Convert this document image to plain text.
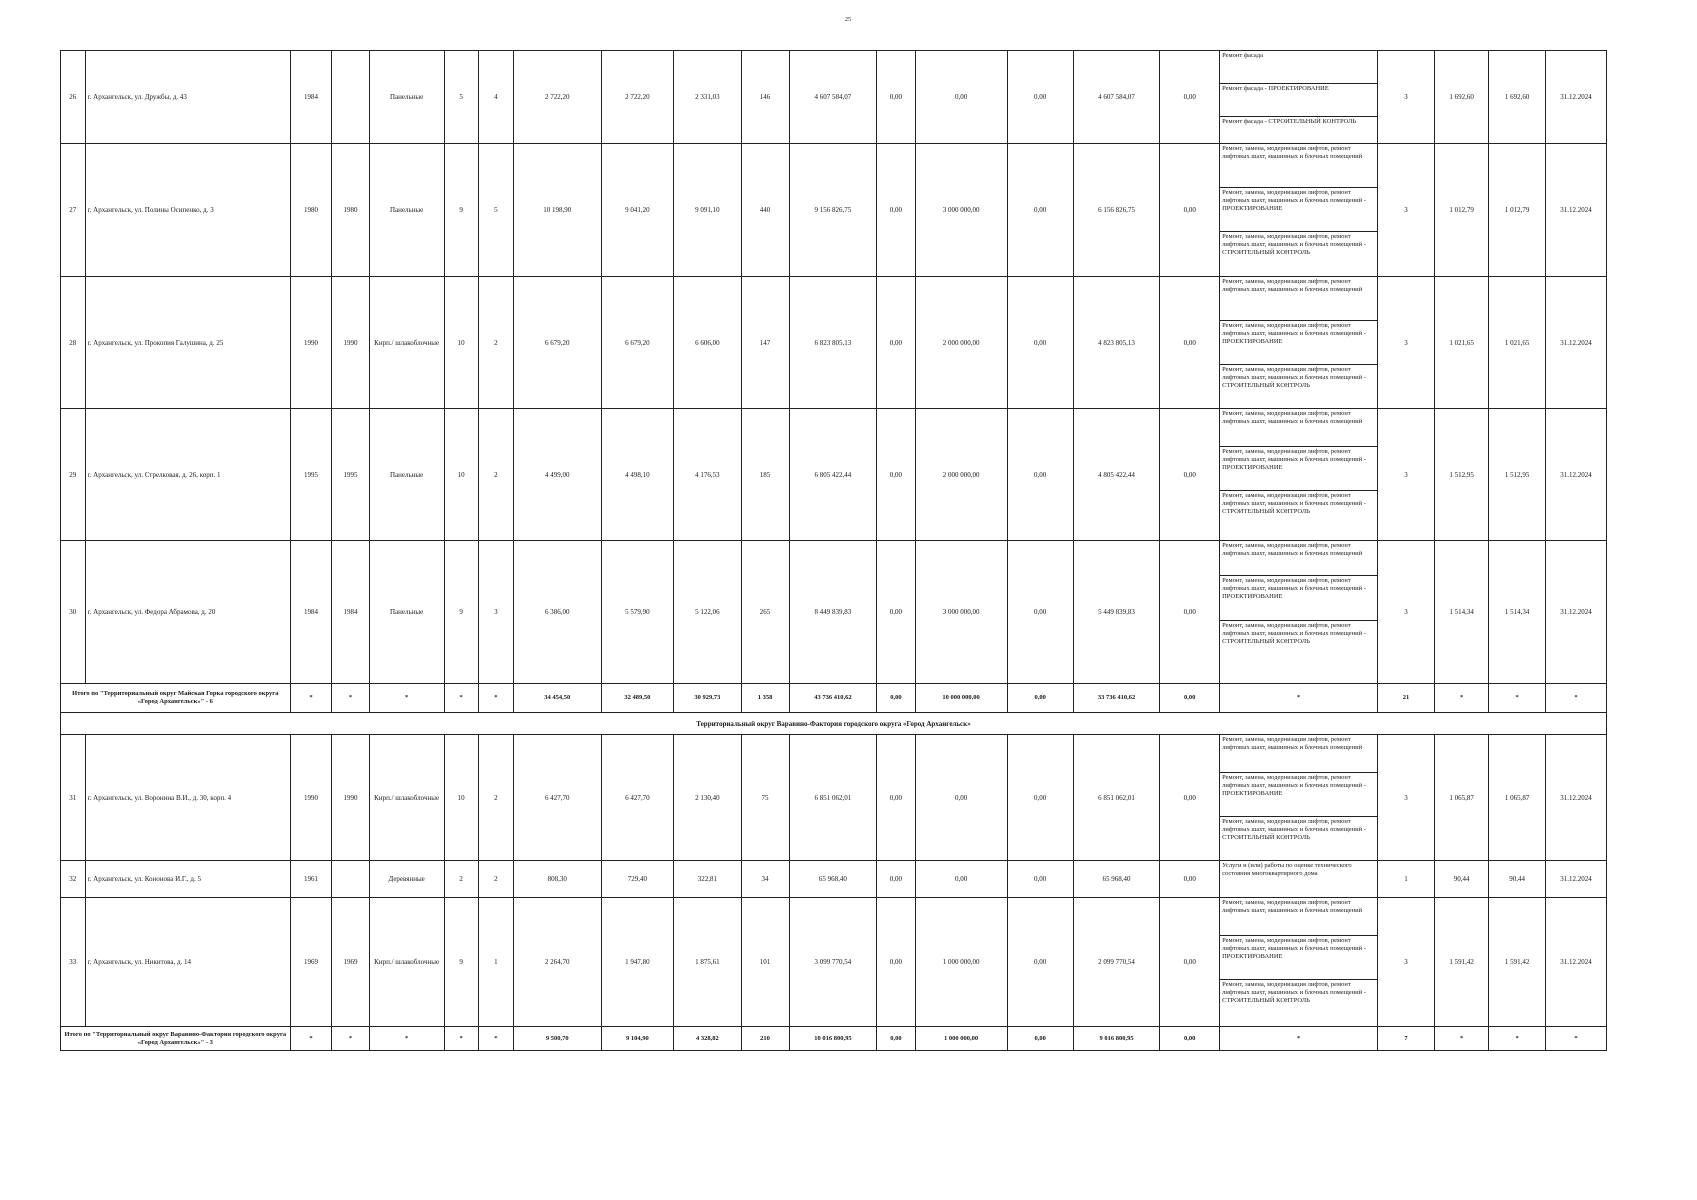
25
26	г. Архангельск, ул. Дружбы, д. 43	1984		Панельные	5	4	2 722,20	2 722,20	2 331,03	146	4 607 584,07	0,00	0,00	0,00	4 607 584,07	0,00	Ремонт фасада
Ремонт фасада - ПРОЕКТИРОВАНИЕ
Ремонт фасада - СТРОИТЕЛЬНЫЙ КОНТРОЛЬ	3	1 692,60	1 692,60	31.12.2024
27	г. Архангельск, ул. Полины Осипенко, д. 3	1980	1980	Панельные	9	5	10 198,90	9 041,20	9 091,10	440	9 156 826,75	0,00	3 000 000,00	0,00	6 156 826,75	0,00	Ремонт, замена, модернизация лифтов, ремонт лифтовых шахт, машинных и блочных помещений
Ремонт, замена, модернизация лифтов, ремонт лифтовых шахт, машинных и блочных помещений - ПРОЕКТИРОВАНИЕ
Ремонт, замена, модернизация лифтов, ремонт лифтовых шахт, машинных и блочных помещений - СТРОИТЕЛЬНЫЙ КОНТРОЛЬ	3	1 012,79	1 012,79	31.12.2024
28	г. Архангельск, ул. Прокопия Галушина, д. 25	1990	1990	Кирп./ шлакоблочные	10	2	6 679,20	6 679,20	6 606,00	147	6 823 805,13	0,00	2 000 000,00	0,00	4 823 805,13	0,00	Ремонт, замена, модернизация лифтов, ремонт лифтовых шахт, машинных и блочных помещений
Ремонт, замена, модернизация лифтов, ремонт лифтовых шахт, машинных и блочных помещений - ПРОЕКТИРОВАНИЕ
Ремонт, замена, модернизация лифтов, ремонт лифтовых шахт, машинных и блочных помещений - СТРОИТЕЛЬНЫЙ КОНТРОЛЬ	3	1 021,65	1 021,65	31.12.2024
29	г. Архангельск, ул. Стрелковая, д. 26, корп. 1	1995	1995	Панельные	10	2	4 499,00	4 498,10	4 176,53	185	6 805 422,44	0,00	2 000 000,00	0,00	4 805 422,44	0,00	Ремонт, замена, модернизация лифтов, ремонт лифтовых шахт, машинных и блочных помещений
Ремонт, замена, модернизация лифтов, ремонт лифтовых шахт, машинных и блочных помещений - ПРОЕКТИРОВАНИЕ
Ремонт, замена, модернизация лифтов, ремонт лифтовых шахт, машинных и блочных помещений - СТРОИТЕЛЬНЫЙ КОНТРОЛЬ	3	1 512,95	1 512,95	31.12.2024
30	г. Архангельск, ул. Федора Абрамова, д. 20	1984	1984	Панельные	9	3	6 386,00	5 579,90	5 122,06	265	8 449 839,83	0,00	3 000 000,00	0,00	5 449 839,83	0,00	Ремонт, замена, модернизация лифтов, ремонт лифтовых шахт, машинных и блочных помещений
Ремонт, замена, модернизация лифтов, ремонт лифтовых шахт, машинных и блочных помещений - ПРОЕКТИРОВАНИЕ
Ремонт, замена, модернизация лифтов, ремонт лифтовых шахт, машинных и блочных помещений - СТРОИТЕЛЬНЫЙ КОНТРОЛЬ	3	1 514,34	1 514,34	31.12.2024
Итого по "Территориальный округ Майская Горка городского округа «Город Архангельск»" - 6		*	*	*	*	*	34 454,50	32 489,50	30 929,73	1 358	43 736 410,62	0,00	10 000 000,00	0,00	33 736 410,62	0,00	*	21	*	*	*
Территориальный округ Варавино-Фактория городского округа «Город Архангельск»																					
31	г. Архангельск, ул. Воронина В.И., д. 30, корп. 4	1990	1990	Кирп./ шлакоблочные	10	2	6 427,70	6 427,70	2 130,40	75	6 851 062,01	0,00	0,00	0,00	6 851 062,01	0,00	Ремонт, замена, модернизация лифтов, ремонт лифтовых шахт, машинных и блочных помещений
Ремонт, замена, модернизация лифтов, ремонт лифтовых шахт, машинных и блочных помещений - ПРОЕКТИРОВАНИЕ
Ремонт, замена, модернизация лифтов, ремонт лифтовых шахт, машинных и блочных помещений - СТРОИТЕЛЬНЫЙ КОНТРОЛЬ	3	1 065,87	1 065,87	31.12.2024
32	г. Архангельск, ул. Кононова И.Г., д. 5	1961		Деревянные	2	2	808,30	729,40	322,81	34	65 968,40	0,00	0,00	0,00	65 968,40	0,00	Услуги и (или) работы по оценке технического состояния многоквартирного дома	1	90,44	90,44	31.12.2024
33	г. Архангельск, ул. Никитова, д. 14	1969	1969	Кирп./ шлакоблочные	9	1	2 264,70	1 947,80	1 875,61	101	3 099 770,54	0,00	1 000 000,00	0,00	2 099 770,54	0,00	Ремонт, замена, модернизация лифтов, ремонт лифтовых шахт, машинных и блочных помещений
Ремонт, замена, модернизация лифтов, ремонт лифтовых шахт, машинных и блочных помещений - ПРОЕКТИРОВАНИЕ
Ремонт, замена, модернизация лифтов, ремонт лифтовых шахт, машинных и блочных помещений - СТРОИТЕЛЬНЫЙ КОНТРОЛЬ	3	1 591,42	1 591,42	31.12.2024
Итого по "Территориальный округ Варавино-Фактория городского округа «Город Архангельск»" - 3		*	*	*	*	*	9 500,70	9 104,90	4 328,82	210	10 016 800,95	0,00	1 000 000,00	0,00	9 016 800,95	0,00	*	7	*	*	*
